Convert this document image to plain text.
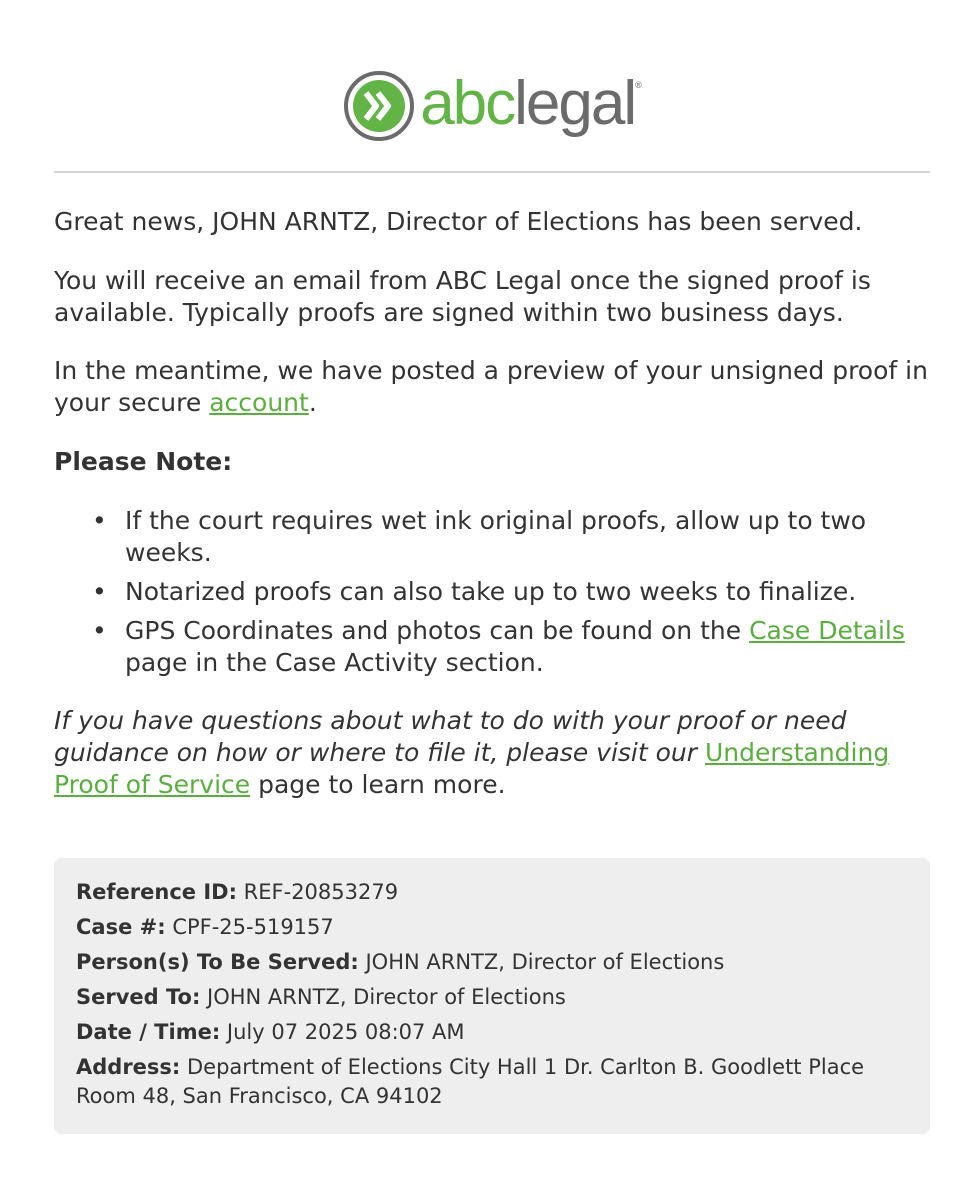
abclegal®

Great news, JOHN ARNTZ, Director of Elections has been served.

You will receive an email from ABC Legal once the signed proof is available. Typically proofs are signed within two business days.

In the meantime, we have posted a preview of your unsigned proof in your secure account.

Please Note:

• If the court requires wet ink original proofs, allow up to two weeks.
• Notarized proofs can also take up to two weeks to finalize.
• GPS Coordinates and photos can be found on the Case Details page in the Case Activity section.

If you have questions about what to do with your proof or need guidance on how or where to file it, please visit our Understanding Proof of Service page to learn more.

Reference ID: REF-20853279
Case #: CPF-25-519157
Person(s) To Be Served: JOHN ARNTZ, Director of Elections
Served To: JOHN ARNTZ, Director of Elections
Date / Time: July 07 2025 08:07 AM
Address: Department of Elections City Hall 1 Dr. Carlton B. Goodlett Place Room 48, San Francisco, CA 94102
